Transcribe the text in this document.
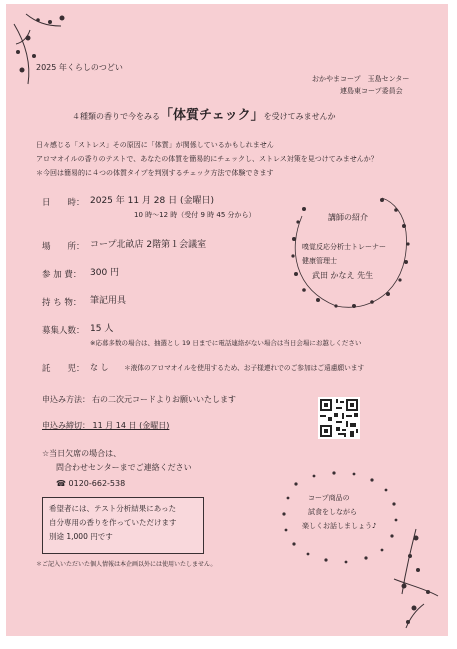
2025 年くらしのつどい
おかやまコープ　玉島センター
連島東コープ委員会
４種類の香りで今をみる「体質チェック」を受けてみませんか
日々感じる「ストレス」その原因に「体質」が関係しているかもしれません
アロマオイルの香りのテストで、あなたの体質を簡易的にチェックし、ストレス対策を見つけてみませんか？
＊今回は簡易的に４つの体質タイプを判別するチェック方法で体験できます
日　　時： 2025 年 11 月 28 日 (金曜日)
10 時〜12 時（受付 9 時 45 分から）
場　　所： コープ北畝店 2階第１会議室
参 加 費： 300 円
持 ち 物： 筆記用具
募集人数： 15 人
※応募多数の場合は、抽選とし 19 日までに電話連絡がない場合は当日会場にお越しください
託　　児： な し ＊液体のアロマオイルを使用するため、お子様連れでのご参加はご遠慮願います
申込み方法： 右の二次元コードよりお願いいたします
申込み締切： 11 月 14 日 (金曜日)
☆当日欠席の場合は、
問合わせセンターまでご連絡ください
☎ 0120-662-538
講師の紹介
嗅覚反応分析士トレーナー
健康管理士
武田 かなえ 先生
希望者には、テスト分析結果にあった
自分専用の香りを作っていただけます
別途 1,000 円です
コープ商品の
試食をしながら
楽しくお話しましょう♪
＊ご記入いただいた個人情報は本企画以外には使用いたしません。
